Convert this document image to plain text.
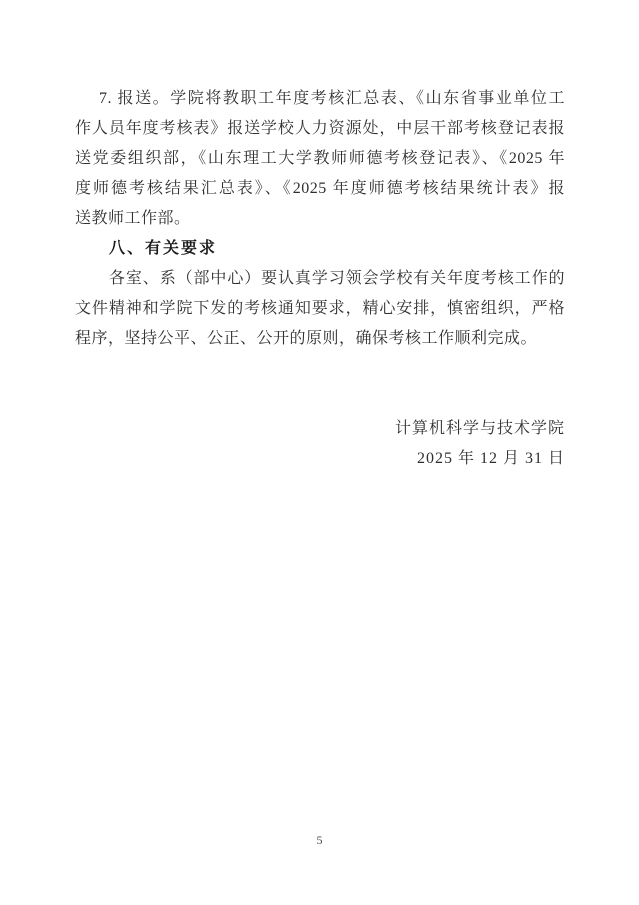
7. 报送。学院将教职工年度考核汇总表、《山东省事业单位工
作人员年度考核表》报送学校人力资源处，中层干部考核登记表报
送党委组织部，《山东理工大学教师师德考核登记表》、《2025 年
度师德考核结果汇总表》、《2025 年度师德考核结果统计表》报
送教师工作部。
八、有关要求
各室、系（部中心）要认真学习领会学校有关年度考核工作的
文件精神和学院下发的考核通知要求，精心安排，慎密组织，严格
程序，坚持公平、公正、公开的原则，确保考核工作顺利完成。
计算机科学与技术学院
2025 年 12 月 31 日
5
